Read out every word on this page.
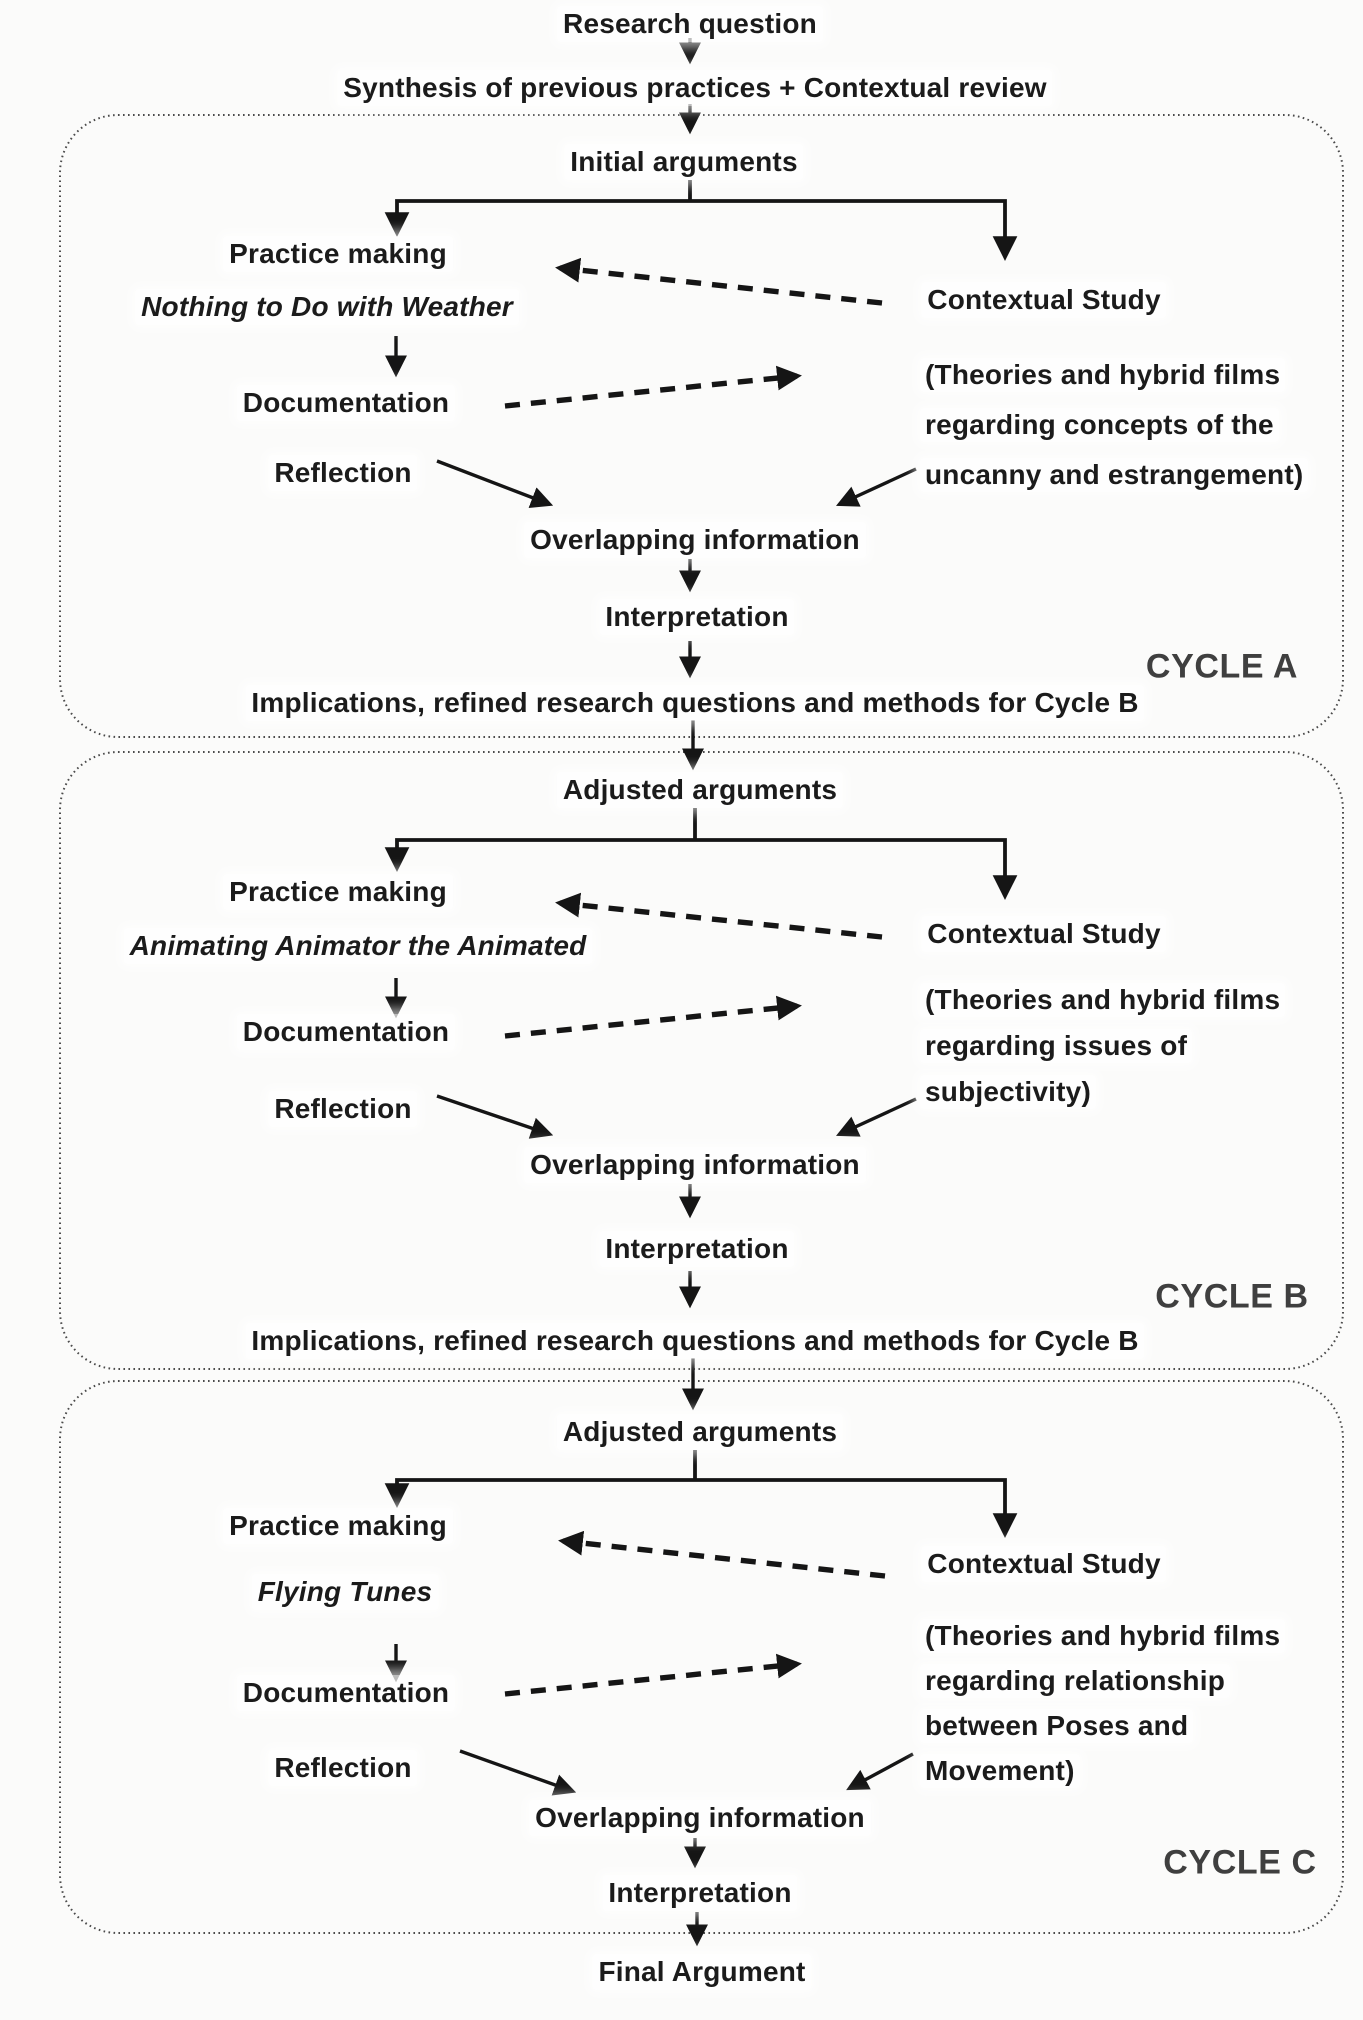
Research question
Synthesis of previous practices + Contextual review
Initial arguments
Practice making
Nothing to Do with Weather
Documentation
Reflection
Contextual Study
(Theories and hybrid films
regarding concepts of the
uncanny and estrangement)
Overlapping information
Interpretation
CYCLE A
Implications, refined research questions and methods for Cycle B
Adjusted arguments
Practice making
Animating Animator the Animated
Documentation
Reflection
Contextual Study
(Theories and hybrid films
regarding issues of
subjectivity)
Overlapping information
Interpretation
CYCLE B
Implications, refined research questions and methods for Cycle B
Adjusted arguments
Practice making
Flying Tunes
Documentation
Reflection
Contextual Study
(Theories and hybrid films
regarding relationship
between Poses and
Movement)
Overlapping information
Interpretation
CYCLE C
Final Argument
